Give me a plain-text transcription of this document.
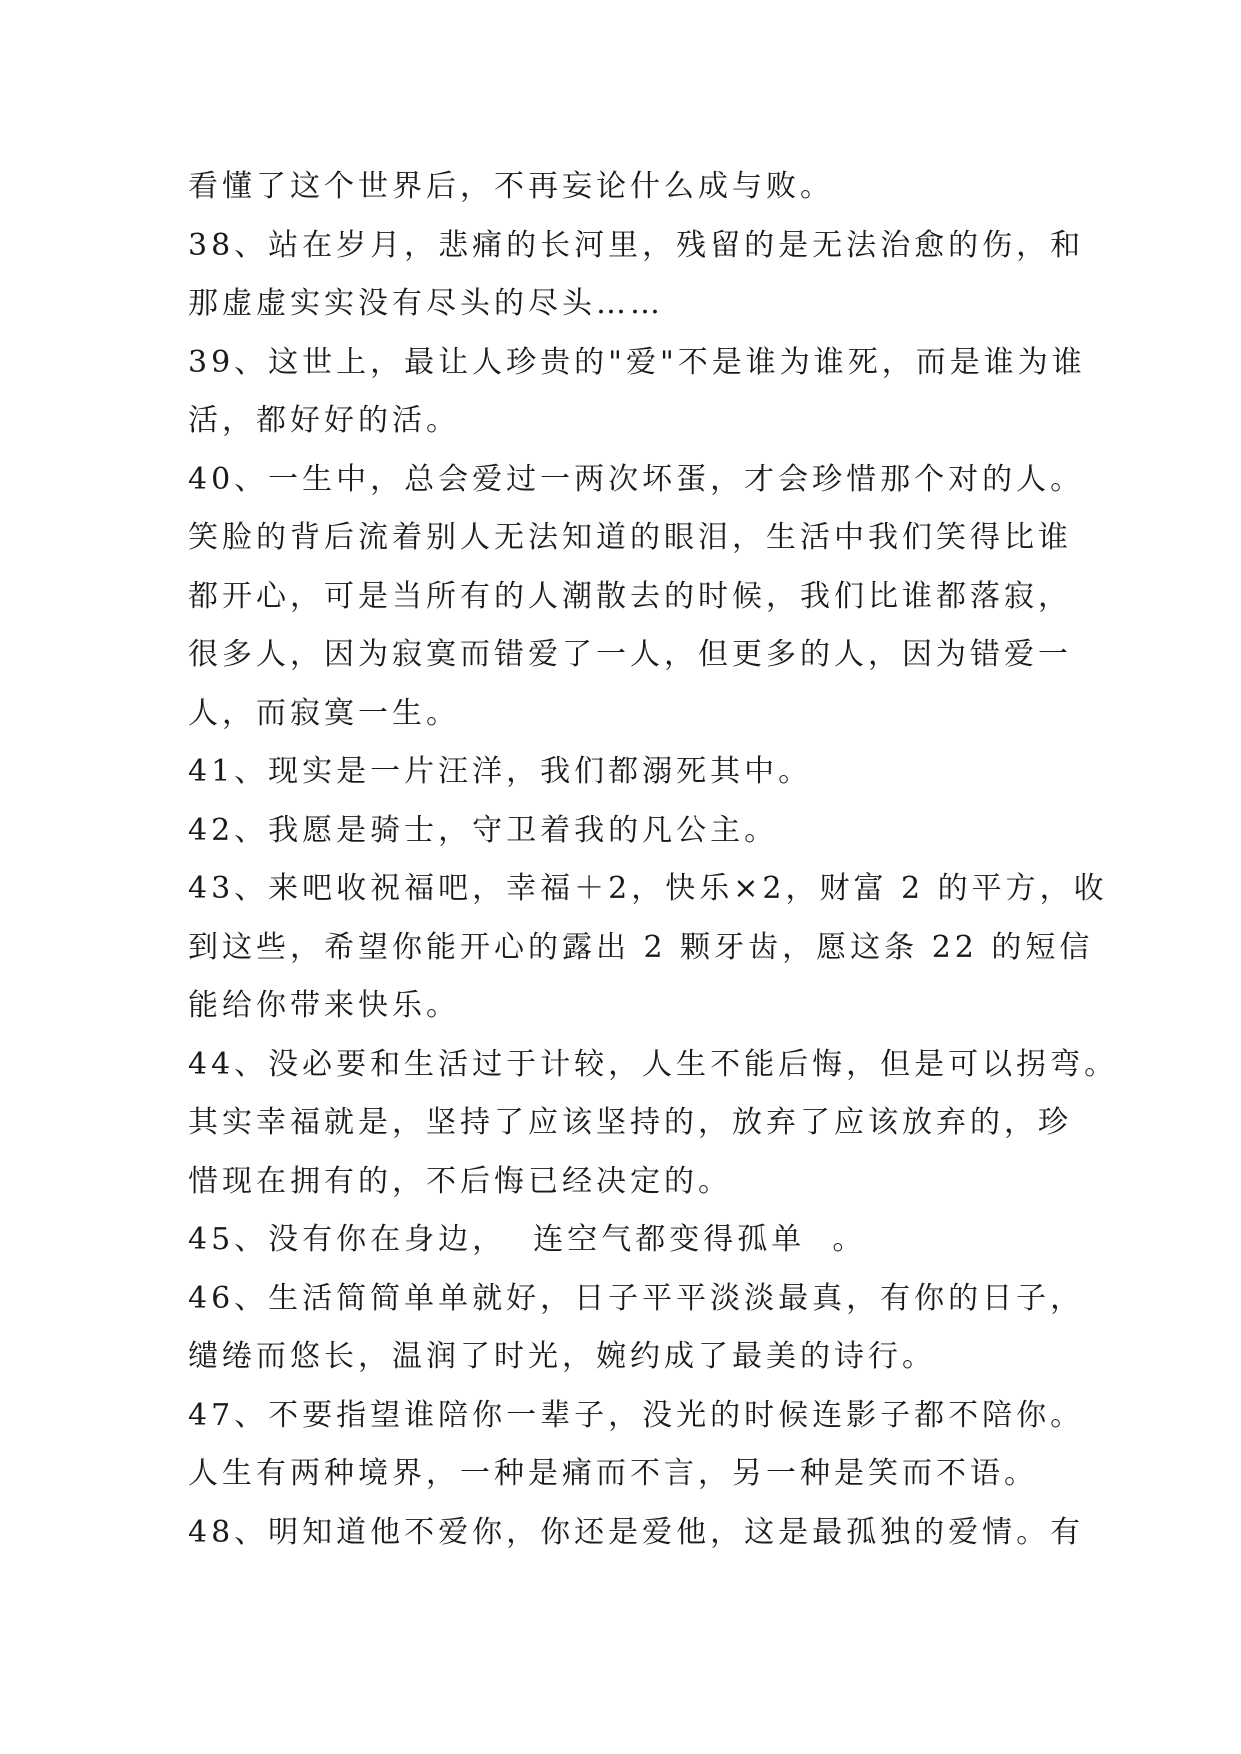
看懂了这个世界后，不再妄论什么成与败。
38、站在岁月，悲痛的长河里，残留的是无法治愈的伤，和
那虚虚实实没有尽头的尽头……
39、这世上，最让人珍贵的"爱"不是谁为谁死，而是谁为谁
活，都好好的活。
40、一生中，总会爱过一两次坏蛋，才会珍惜那个对的人。
笑脸的背后流着别人无法知道的眼泪，生活中我们笑得比谁
都开心，可是当所有的人潮散去的时候，我们比谁都落寂，
很多人，因为寂寞而错爱了一人，但更多的人，因为错爱一
人，而寂寞一生。
41、现实是一片汪洋，我们都溺死其中。
42、我愿是骑士，守卫着我的凡公主。
43、来吧收祝福吧，幸福＋2，快乐×2，财富 2 的平方，收
到这些，希望你能开心的露出 2 颗牙齿，愿这条 22 的短信
能给你带来快乐。
44、没必要和生活过于计较，人生不能后悔，但是可以拐弯。
其实幸福就是，坚持了应该坚持的，放弃了应该放弃的，珍
惜现在拥有的，不后悔已经决定的。
45、没有你在身边，  连空气都变得孤单  。
46、生活简简单单就好，日子平平淡淡最真，有你的日子，
缱绻而悠长，温润了时光，婉约成了最美的诗行。
47、不要指望谁陪你一辈子，没光的时候连影子都不陪你。
人生有两种境界，一种是痛而不言，另一种是笑而不语。
48、明知道他不爱你，你还是爱他，这是最孤独的爱情。有
